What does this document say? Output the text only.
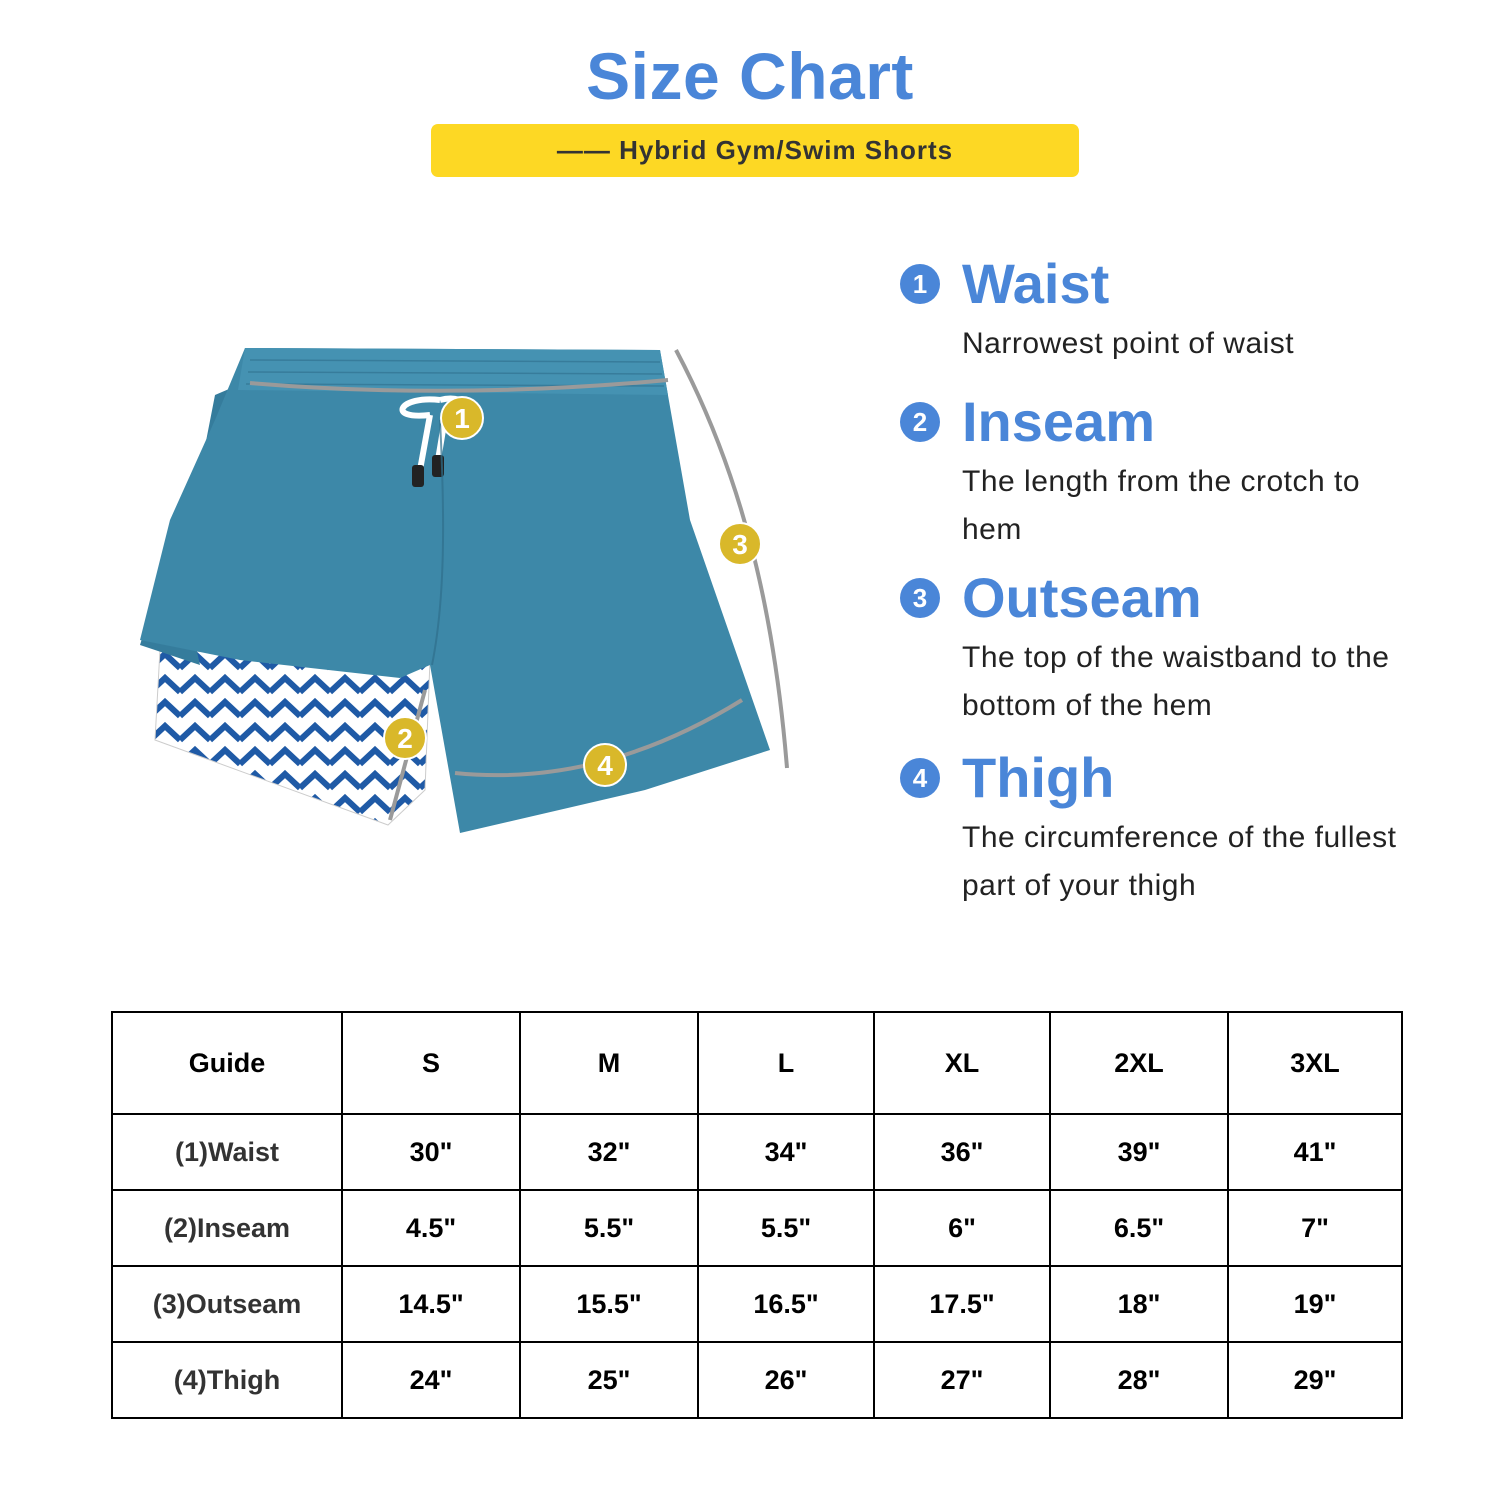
Size Chart
—— Hybrid Gym/Swim Shorts
1
2
3
4
1 Waist
Narrowest point of waist
2 Inseam
The length from the crotch to hem
3 Outseam
The top of the waistband to the bottom of the hem
4 Thigh
The circumference of the fullest part of your thigh
Guide	S	M	L	XL	2XL	3XL
(1)Waist	30"	32"	34"	36"	39"	41"
(2)Inseam	4.5"	5.5"	5.5"	6"	6.5"	7"
(3)Outseam	14.5"	15.5"	16.5"	17.5"	18"	19"
(4)Thigh	24"	25"	26"	27"	28"	29"
